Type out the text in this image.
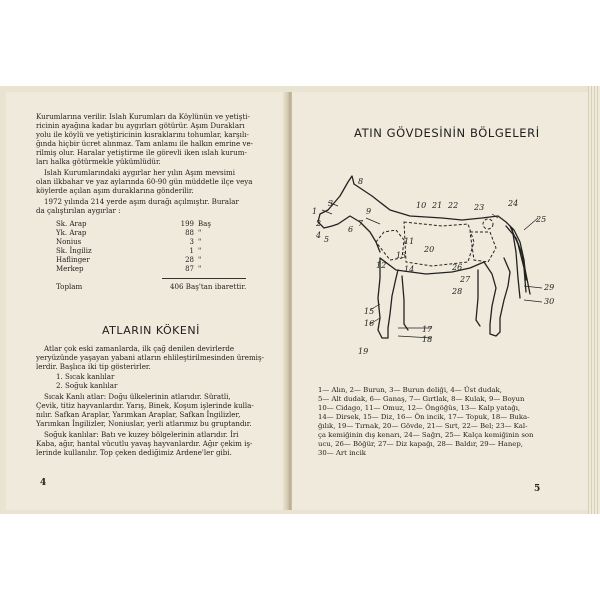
Kurumlarına verilir. Islah Kurumları da Köylünün ve yetişti-
ricinin ayağına kadar bu aygırları götürür. Aşım Durakları
yolu ile köylü ve yetiştiricinin kısraklarını tohumlar, karşılı-
ğında hiçbir ücret alınmaz. Tam anlamı ile halkın emrine ve-
rilmiş olur. Haralar yetiştirme ile görevli iken ıslah kurum-
ları halka götürmekle yükümlüdür.
Islah Kurumlarındaki aygırlar her yılın Aşım mevsimi
olan ilkbahar ve yaz aylarında 60-90 gün müddetle ilçe veya
köylerde açılan aşım duraklarına gönderilir.
1972 yılında 214 yerde aşım durağı açılmıştır. Buralar
da çalıştırılan aygırlar :
Sk. Arap	199	Baş
Yk. Arap	88	"
Nonius	3	"
Sk. İngiliz	1	"
Haflinger	28	"
Merkep	87	"
Toplam	406 Baş'tan ibarettir.
ATLARIN KÖKENİ
Atlar çok eski zamanlarda, ilk çağ denilen devirlerde
yeryüzünde yaşayan yabani atların ehlileştirilmesinden üremiş-
lerdir. Başlıca iki tip gösterirler.
1. Sıcak kanlılar
2. Soğuk kanlılar
Sıcak Kanlı atlar: Doğu ülkelerinin atlarıdır. Süratli,
Çevik, titiz hayvanlardır. Yarış, Binek, Koşum işlerinde kulla-
nılır. Safkan Araplar, Yarımkan Araplar, Safkan İngilizler,
Yarımkan İngilizler, Noniuslar, yerli atlarımız bu gruptandır.
Soğuk kanlılar: Batı ve kuzey bölgelerinin atlarıdır. İri
Kaba, ağır, hantal vücutlu yavaş hayvanlardır. Ağır çekim iş-
lerinde kullanılır. Top çeken dediğimiz Ardene'ler gibi.
4
ATIN GÖVDESİNİN BÖLGELERİ
1
2
3
4 5
6
7
8
9
10
11
12
13
14
15
16
17
18
19
20
21 22 23	24
25
26
27
28	29
30
1— Alın, 2— Burun, 3— Burun deliği, 4— Üst dudak,
5— Alt dudak, 6— Ganaş, 7— Gırtlak, 8— Kulak, 9— Boyun
10— Cidago, 11— Omuz, 12— Öngöğüs, 13— Kalp yatağı,
14— Dirsek, 15— Diz, 16— Ön incik, 17— Topuk, 18— Buka-
ğılık, 19— Tırnak, 20— Gövde, 21— Sırt, 22— Bel; 23— Kal-
ça kemiğinin dış kenarı, 24— Sağrı, 25— Kalça kemiğinin son
ucu, 26— Böğür, 27— Diz kapağı, 28— Baldır, 29— Hanep,
30— Art incik
5
